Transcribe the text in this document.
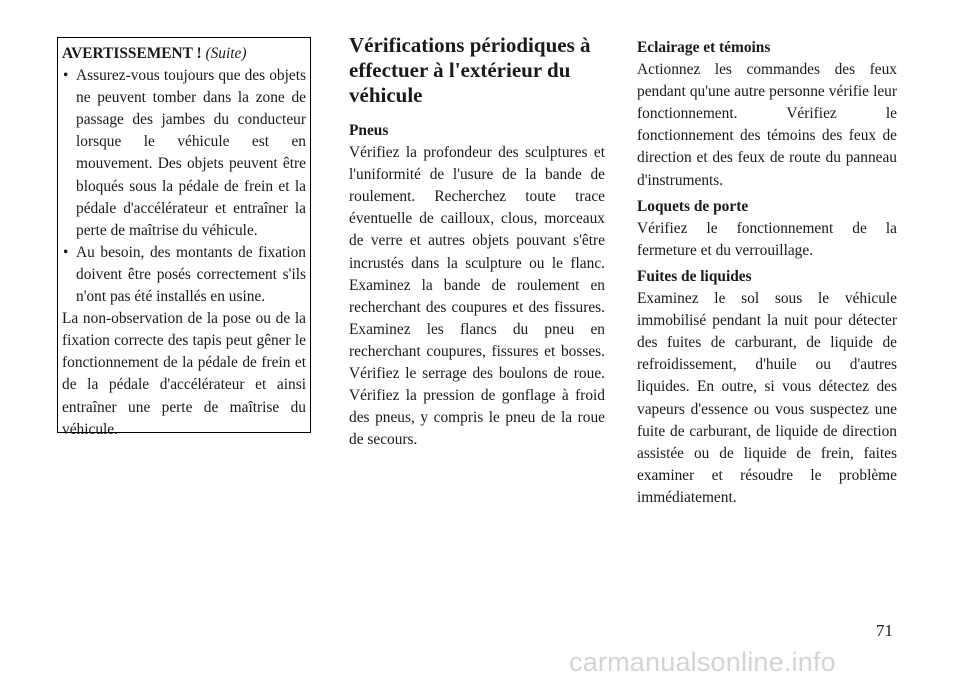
AVERTISSEMENT ! (Suite)
• Assurez-vous toujours que des objets ne peuvent tomber dans la zone de passage des jambes du conducteur lorsque le véhicule est en mouvement. Des objets peuvent être bloqués sous la pédale de frein et la pédale d'accélérateur et entraîner la perte de maîtrise du véhicule.
• Au besoin, des montants de fixation doivent être posés correctement s'ils n'ont pas été installés en usine.
La non-observation de la pose ou de la fixation correcte des tapis peut gêner le fonctionnement de la pédale de frein et de la pédale d'accélérateur et ainsi entraîner une perte de maîtrise du véhicule.
Vérifications périodiques à effectuer à l'extérieur du véhicule
Pneus
Vérifiez la profondeur des sculptures et l'uniformité de l'usure de la bande de roulement. Recherchez toute trace éventuelle de cailloux, clous, morceaux de verre et autres objets pouvant s'être incrustés dans la sculpture ou le flanc. Examinez la bande de roulement en recherchant des coupures et des fissures. Examinez les flancs du pneu en recherchant coupures, fissures et bosses. Vérifiez le serrage des boulons de roue. Vérifiez la pression de gonflage à froid des pneus, y compris le pneu de la roue de secours.
Eclairage et témoins
Actionnez les commandes des feux pendant qu'une autre personne vérifie leur fonctionnement. Vérifiez le fonctionnement des témoins des feux de direction et des feux de route du panneau d'instruments.
Loquets de porte
Vérifiez le fonctionnement de la fermeture et du verrouillage.
Fuites de liquides
Examinez le sol sous le véhicule immobilisé pendant la nuit pour détecter des fuites de carburant, de liquide de refroidissement, d'huile ou d'autres liquides. En outre, si vous détectez des vapeurs d'essence ou vous suspectez une fuite de carburant, de liquide de direction assistée ou de liquide de frein, faites examiner et résoudre le problème immédiatement.
71
carmanualsonline.info
